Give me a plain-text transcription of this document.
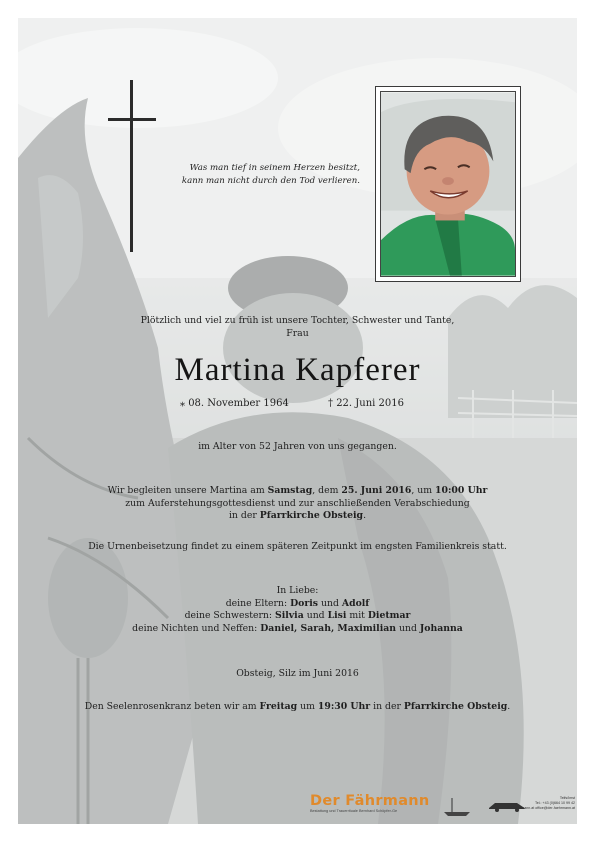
Was man tief in seinem Herzen besitzt,
kann man nicht durch den Tod verlieren.
Plötzlich und viel zu früh ist unsere Tochter, Schwester und Tante,
Frau
Martina Kapferer
⁎ 08. November 1964	† 22. Juni 2016
im Alter von 52 Jahren von uns gegangen.
Wir begleiten unsere Martina am Samstag, dem 25. Juni 2016, um 10:00 Uhr
zum Auferstehungsgottesdienst und zur anschließenden Verabschiedung
in der Pfarrkirche Obsteig.
Die Urnenbeisetzung findet zu einem späteren Zeitpunkt im engsten Familienkreis statt.
In Liebe:
deine Eltern: Doris und Adolf
deine Schwestern: Silvia und Lisi mit Dietmar
deine Nichten und Neffen: Daniel, Sarah, Maximilian und Johanna
Obsteig, Silz im Juni 2016
Den Seelenrosenkranz beten wir am Freitag um 19:30 Uhr in der Pfarrkirche Obsteig.
Der Fährmann
Bestattung und Trauerrituale Bernhard Schöpfer-Ge
Telfs/Imst
Tel.: +43 (0)664 10 99 42
der-faehrmann.at office@der-faehrmann.at
